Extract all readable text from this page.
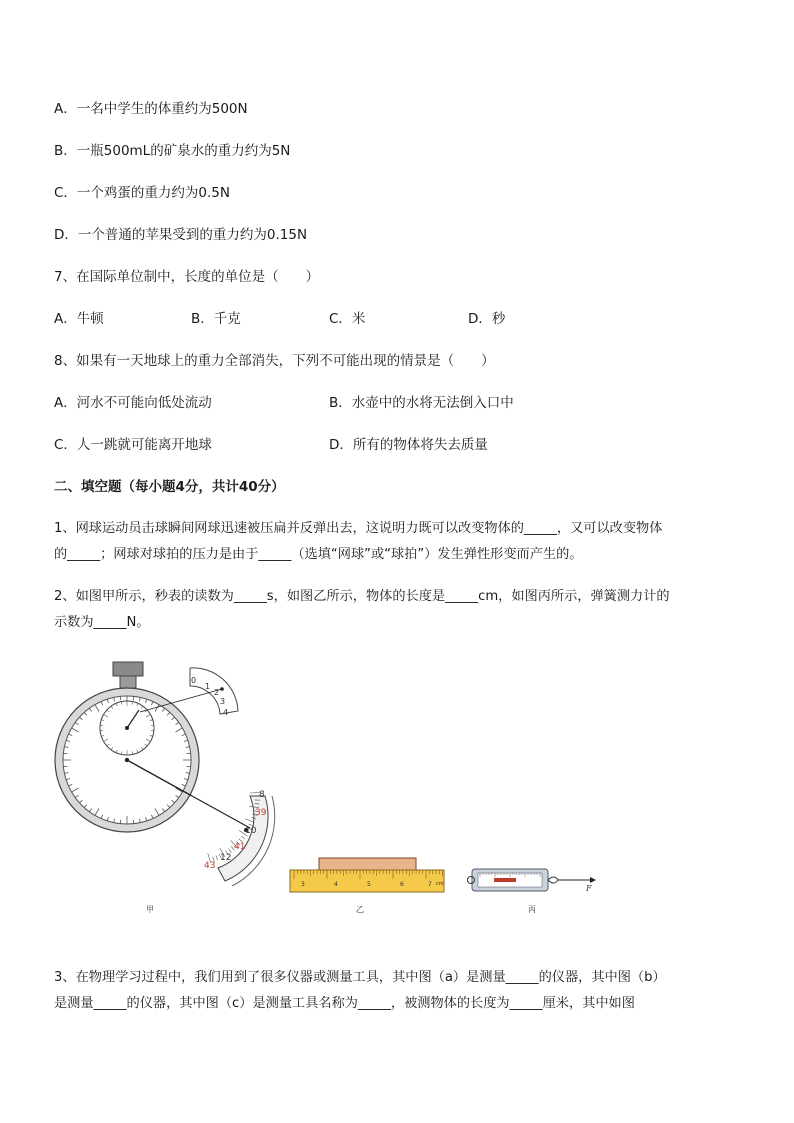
A．一名中学生的体重约为500N
B．一瓶500mL的矿泉水的重力约为5N
C．一个鸡蛋的重力约为0.5N
D．一个普通的苹果受到的重力约为0.15N
7、在国际单位制中，长度的单位是（　　）
A．牛顿	B．千克	C．米	D．秒
8、如果有一天地球上的重力全部消失，下列不可能出现的情景是（　　）
A．河水不可能向低处流动	B．水壶中的水将无法倒入口中
C．人一跳就可能离开地球	D．所有的物体将失去质量
二、填空题（每小题4分，共计40分）
1、网球运动员击球瞬间网球迅速被压扁并反弹出去，这说明力既可以改变物体的_____，又可以改变物体
的_____；网球对球拍的压力是由于_____（选填“网球”或“球拍”）发生弹性形变而产生的。
2、如图甲所示，秒表的读数为_____s，如图乙所示，物体的长度是_____cm，如图丙所示，弹簧测力计的
示数为_____N。
0
1
2
3
4
8
39
10
41
12
43
3	4	5	6	7 cm	F
甲	乙	丙
3、在物理学习过程中，我们用到了很多仪器或测量工具，其中图（a）是测量_____的仪器，其中图（b）
是测量_____的仪器，其中图（c）是测量工具名称为_____，被测物体的长度为_____厘米，其中如图
